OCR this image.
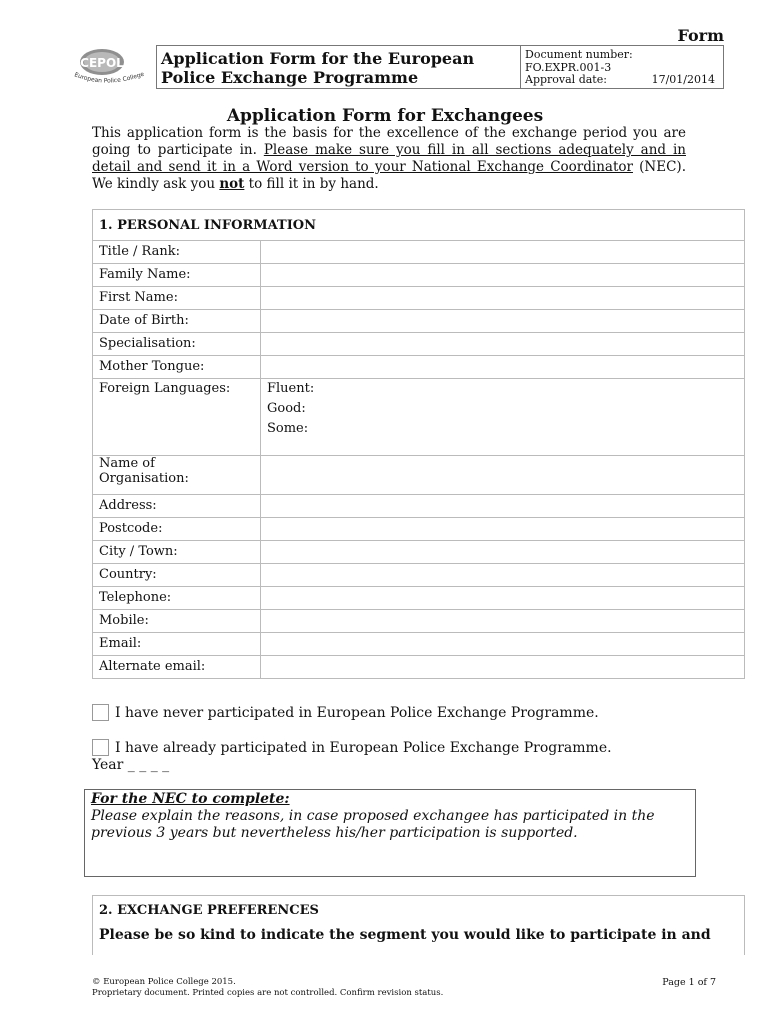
Form
CEPOL
European Police College
Application Form for the European
Police Exchange Programme
Document number:
FO.EXPR.001-3
Approval date:	17/01/2014
Application Form for Exchangees
This application form is the basis for the excellence of the exchange period you are going to participate in. Please make sure you fill in all sections adequately and in detail and send it in a Word version to your National Exchange Coordinator (NEC). We kindly ask you not to fill it in by hand.
1. PERSONAL INFORMATION	
Title / Rank:	
Family Name:	
First Name:	
Date of Birth:	
Specialisation:	
Mother Tongue:	
Foreign Languages:	Fluent:
Good:
Some:

Name of
Organisation:	

Address:	
Postcode:	
City / Town:	
Country:	
Telephone:	
Mobile:	
Email:	
Alternate email:	
I have never participated in European Police Exchange Programme.
I have already participated in European Police Exchange Programme.
Year _ _ _ _
For the NEC to complete:
Please explain the reasons, in case proposed exchangee has participated in the previous 3 years but nevertheless his/her participation is supported.
2. EXCHANGE PREFERENCES
Please be so kind to indicate the segment you would like to participate in and
© European Police College 2015.
Proprietary document. Printed copies are not controlled. Confirm revision status.
Page 1 of 7
